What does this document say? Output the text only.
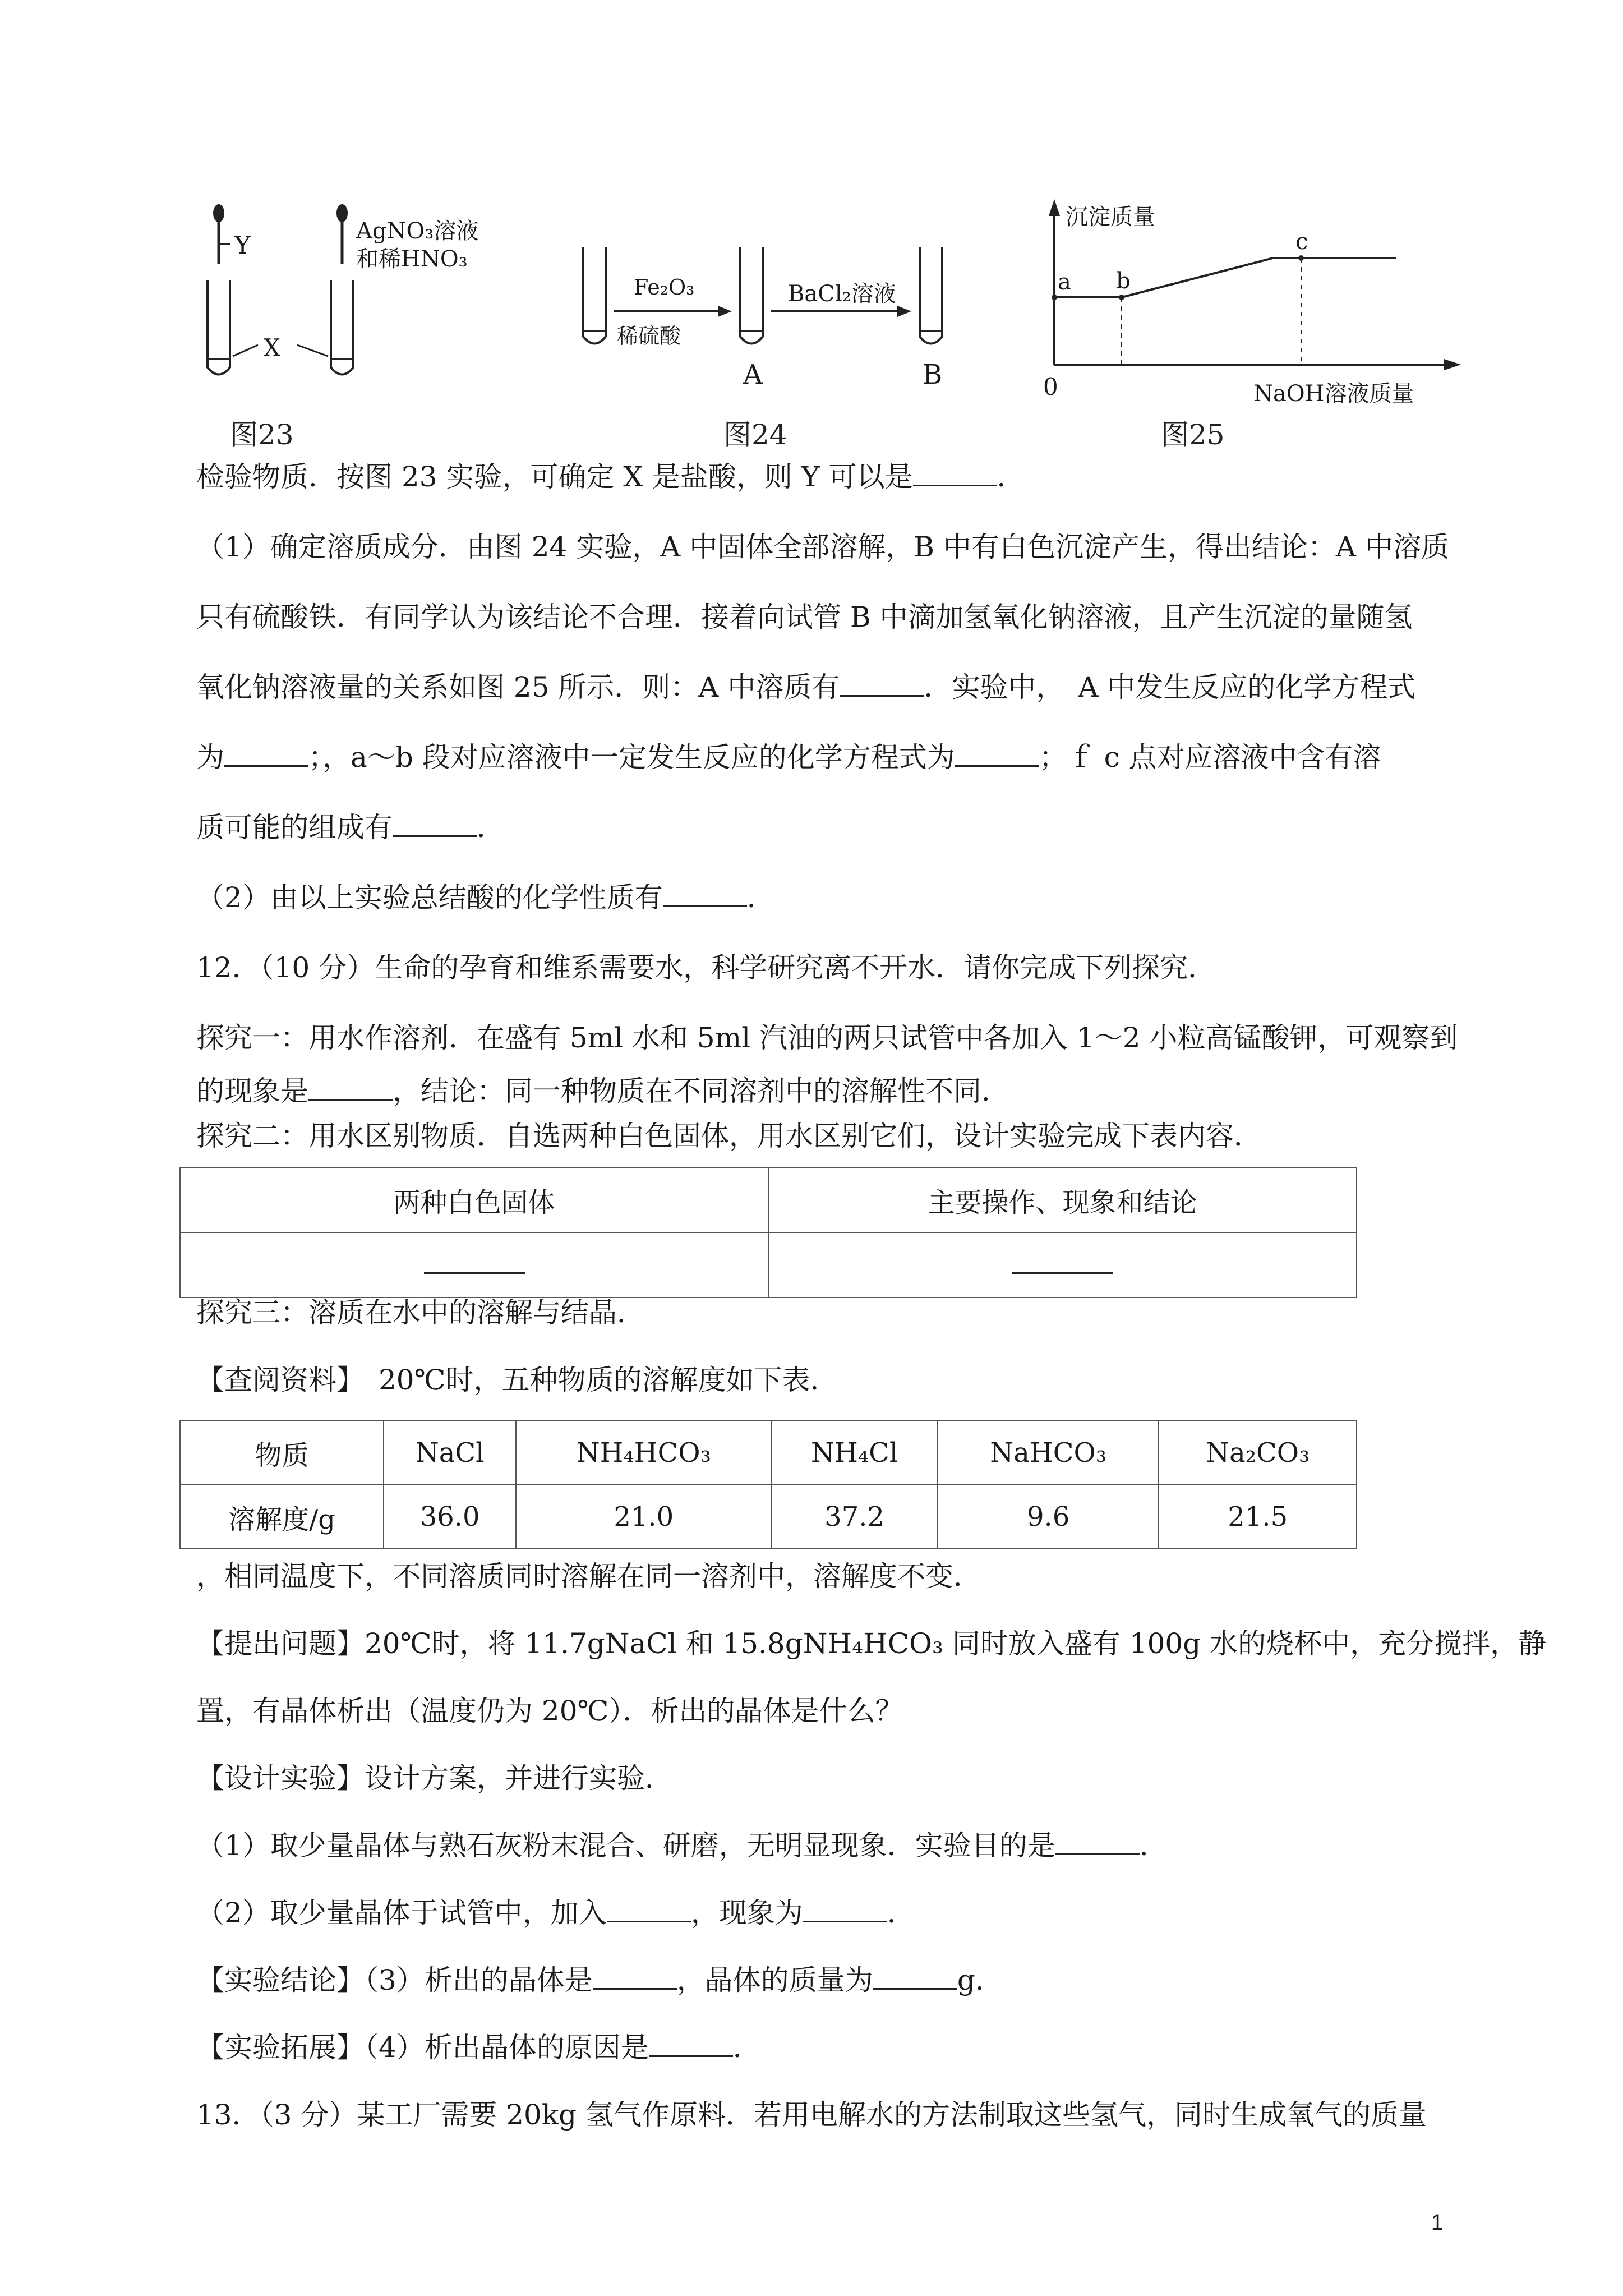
Y	AgNO₃溶液
和稀HNO₃
X
图23
Fe₂O₃
稀硫酸
BaCl₂溶液
A	B
图24
沉淀质量
NaOH溶液质量
0
a b
c
图25
检验物质．按图 23 实验，可确定 X 是盐酸，则 Y 可以是	．
（1）确定溶质成分．由图 24 实验，A 中固体全部溶解，B 中有白色沉淀产生，得出结论：A 中溶质
只有硫酸铁．有同学认为该结论不合理．接着向试管 B 中滴加氢氧化钠溶液，且产生沉淀的量随氢
氧化钠溶液量的关系如图 25 所示．则：A 中溶质有	．实验中，　A 中发生反应的化学方程式
为	；，a～b 段对应溶液中一定发生反应的化学方程式为	；ｆ c 点对应溶液中含有溶
质可能的组成有	．
（2）由以上实验总结酸的化学性质有	．
12．（10 分）生命的孕育和维系需要水，科学研究离不开水．请你完成下列探究．
探究一：用水作溶剂．在盛有 5ml 水和 5ml 汽油的两只试管中各加入 1～2 小粒高锰酸钾，可观察到
的现象是	，结论：同一种物质在不同溶剂中的溶解性不同．
探究二：用水区别物质．自选两种白色固体，用水区别它们，设计实验完成下表内容．
两种白色固体	主要操作、现象和结论

探究三：溶质在水中的溶解与结晶．
【查阅资料】　20℃时，五种物质的溶解度如下表．
物质	NaCl	NH₄HCO₃	NH₄Cl	NaHCO₃	Na₂CO₃
溶解度/g	36.0	21.0	37.2	9.6	21.5
，相同温度下，不同溶质同时溶解在同一溶剂中，溶解度不变．
【提出问题】20℃时，将 11.7gNaCl 和 15.8gNH₄HCO₃ 同时放入盛有 100g 水的烧杯中，充分搅拌，静
置，有晶体析出（温度仍为 20℃）．析出的晶体是什么？
【设计实验】设计方案，并进行实验．
（1）取少量晶体与熟石灰粉末混合、研磨，无明显现象．实验目的是	．
（2）取少量晶体于试管中，加入	，现象为	．
【实验结论】（3）析出的晶体是	，晶体的质量为	g．
【实验拓展】（4）析出晶体的原因是	．
13．（3 分）某工厂需要 20kg 氢气作原料．若用电解水的方法制取这些氢气，同时生成氧气的质量
1
